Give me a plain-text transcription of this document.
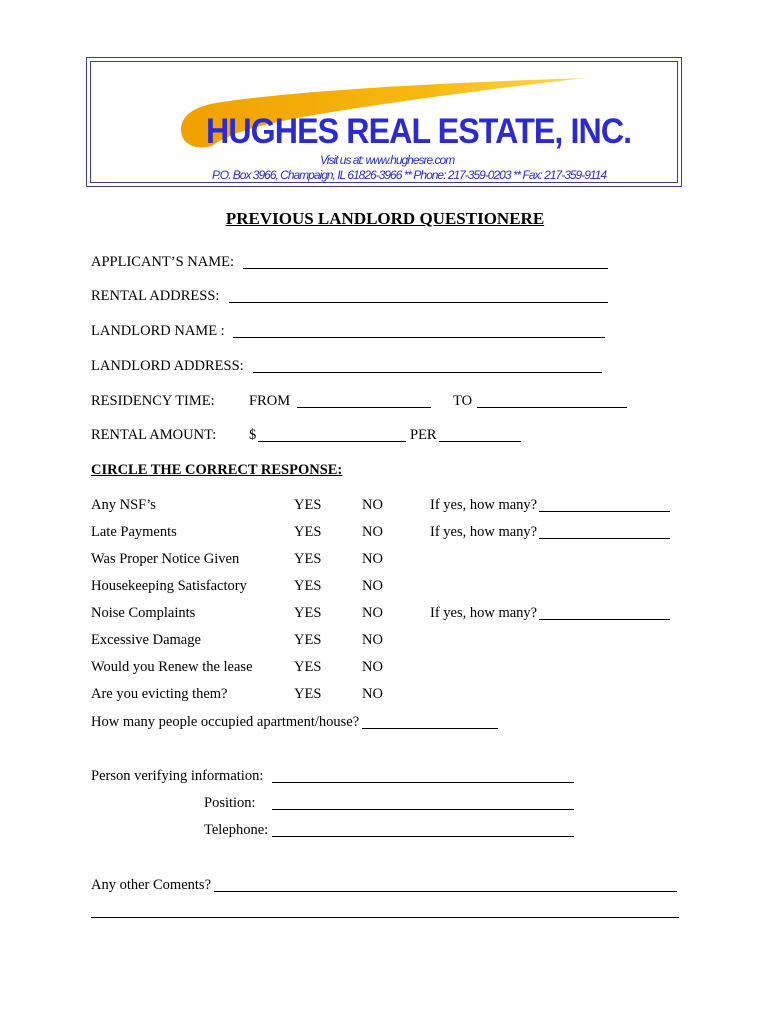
HUGHES REAL ESTATE, INC.
Visit us at: www.hughesre.com
P.O. Box 3966, Champaign, IL 61826-3966 ** Phone: 217-359-0203 ** Fax: 217-359-9114
PREVIOUS LANDLORD QUESTIONERE
APPLICANT’S NAME:
RENTAL ADDRESS:
LANDLORD NAME :
LANDLORD ADDRESS:
RESIDENCY TIME: FROM	TO
RENTAL AMOUNT: $	PER
CIRCLE THE CORRECT RESPONSE:
Any NSF’s	YES	NO	If yes, how many?
Late Payments	YES	NO	If yes, how many?
Was Proper Notice Given	YES	NO
Housekeeping Satisfactory	YES	NO
Noise Complaints	YES	NO	If yes, how many?
Excessive Damage	YES	NO
Would you Renew the lease	YES	NO
Are you evicting them?	YES	NO
How many people occupied apartment/house?
Person verifying information:
Position:
Telephone:
Any other Coments?
